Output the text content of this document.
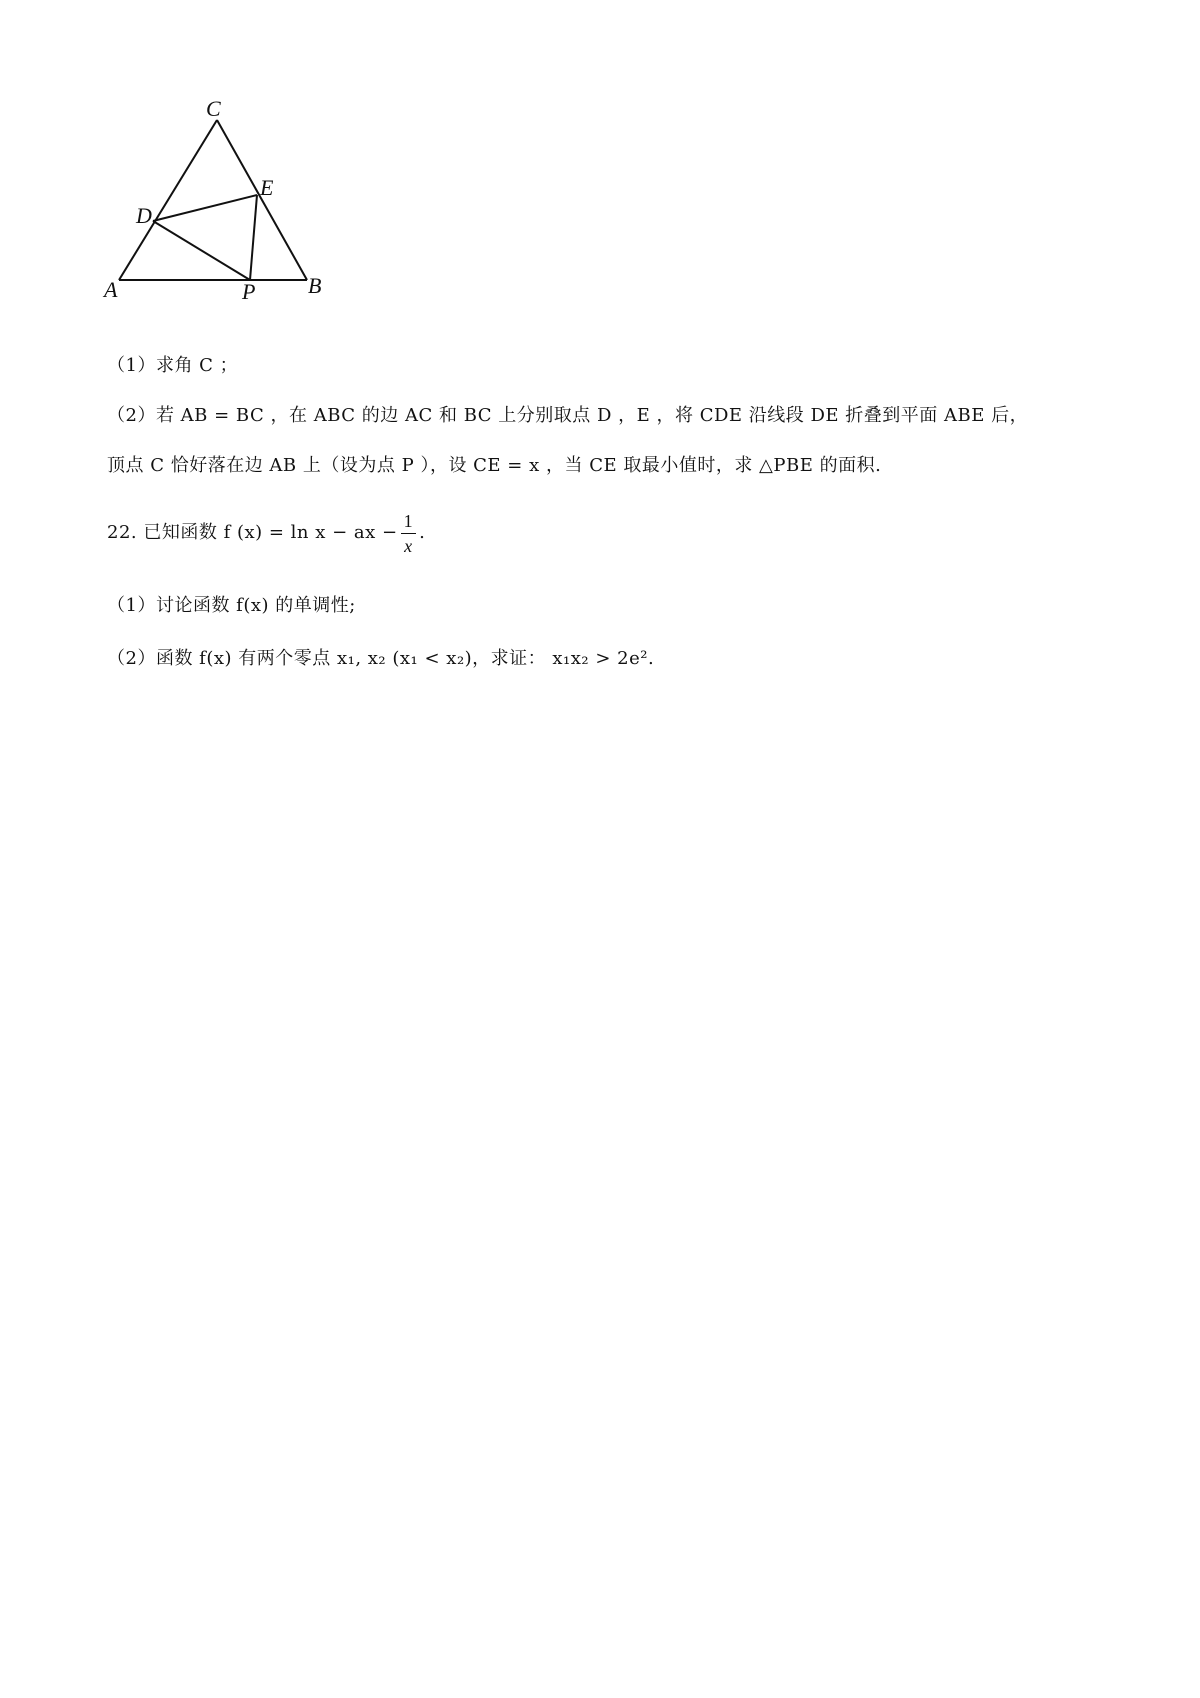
C
E
D
A	P B
（1）求角 C ；
（2）若 AB = BC ，在 ABC 的边 AC 和 BC 上分别取点 D ，E ，将 CDE 沿线段 DE 折叠到平面 ABE 后，
顶点 C 恰好落在边 AB 上（设为点 P ），设 CE = x ，当 CE 取最小值时，求 △PBE 的面积.
22. 已知函数 f (x) = ln x − ax − $\frac{1}{x}$ .
（1）讨论函数 f(x) 的单调性;
（2）函数 f(x) 有两个零点 x₁, x₂ (x₁ < x₂)，求证： x₁x₂ > 2e².
